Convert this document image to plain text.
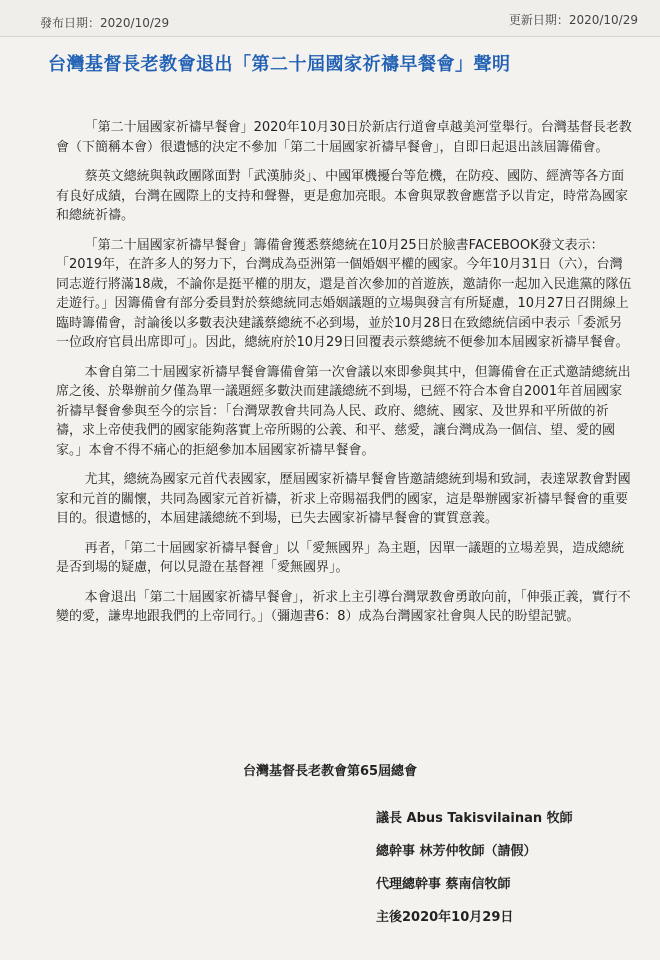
發布日期：2020/10/29	更新日期：2020/10/29
台灣基督長老教會退出「第二十屆國家祈禱早餐會」聲明

「第二十屆國家祈禱早餐會」2020年10月30日於新店行道會卓越美河堂舉行。台灣基督長老教會（下簡稱本會）很遺憾的決定不參加「第二十屆國家祈禱早餐會」，自即日起退出該屆籌備會。

蔡英文總統與執政團隊面對「武漢肺炎」、中國軍機擾台等危機，在防疫、國防、經濟等各方面有良好成績，台灣在國際上的支持和聲譽，更是愈加亮眼。本會與眾教會應當予以肯定，時常為國家和總統祈禱。

「第二十屆國家祈禱早餐會」籌備會獲悉蔡總統在10月25日於臉書FACEBOOK發文表示：「2019年，在許多人的努力下，台灣成為亞洲第一個婚姻平權的國家。今年10月31日（六），台灣同志遊行將滿18歲，不論你是挺平權的朋友，還是首次參加的首遊族，邀請你一起加入民進黨的隊伍走遊行。」因籌備會有部分委員對於蔡總統同志婚姻議題的立場與發言有所疑慮，10月27日召開線上臨時籌備會，討論後以多數表決建議蔡總統不必到場，並於10月28日在致總統信函中表示「委派另一位政府官員出席即可」。因此，總統府於10月29日回覆表示蔡總統不便參加本屆國家祈禱早餐會。

本會自第二十屆國家祈禱早餐會籌備會第一次會議以來即參與其中，但籌備會在正式邀請總統出席之後、於舉辦前夕僅為單一議題經多數決而建議總統不到場，已經不符合本會自2001年首屆國家祈禱早餐會參與至今的宗旨：「台灣眾教會共同為人民、政府、總統、國家、及世界和平所做的祈禱，求上帝使我們的國家能夠落實上帝所賜的公義、和平、慈愛，讓台灣成為一個信、望、愛的國家。」本會不得不痛心的拒絕參加本屆國家祈禱早餐會。

尤其，總統為國家元首代表國家，歷屆國家祈禱早餐會皆邀請總統到場和致詞，表達眾教會對國家和元首的關懷，共同為國家元首祈禱，祈求上帝賜福我們的國家，這是舉辦國家祈禱早餐會的重要目的。很遺憾的，本屆建議總統不到場，已失去國家祈禱早餐會的實質意義。

再者，「第二十屆國家祈禱早餐會」以「愛無國界」為主題，因單一議題的立場差異，造成總統是否到場的疑慮，何以見證在基督裡「愛無國界」。

本會退出「第二十屆國家祈禱早餐會」，祈求上主引導台灣眾教會勇敢向前，「伸張正義，實行不變的愛，謙卑地跟我們的上帝同行。」（彌迦書6：8）成為台灣國家社會與人民的盼望記號。

台灣基督長老教會第65屆總會
議長 Abus Takisvilainan 牧師
總幹事 林芳仲牧師（請假）
代理總幹事 蔡南信牧師
主後2020年10月29日
